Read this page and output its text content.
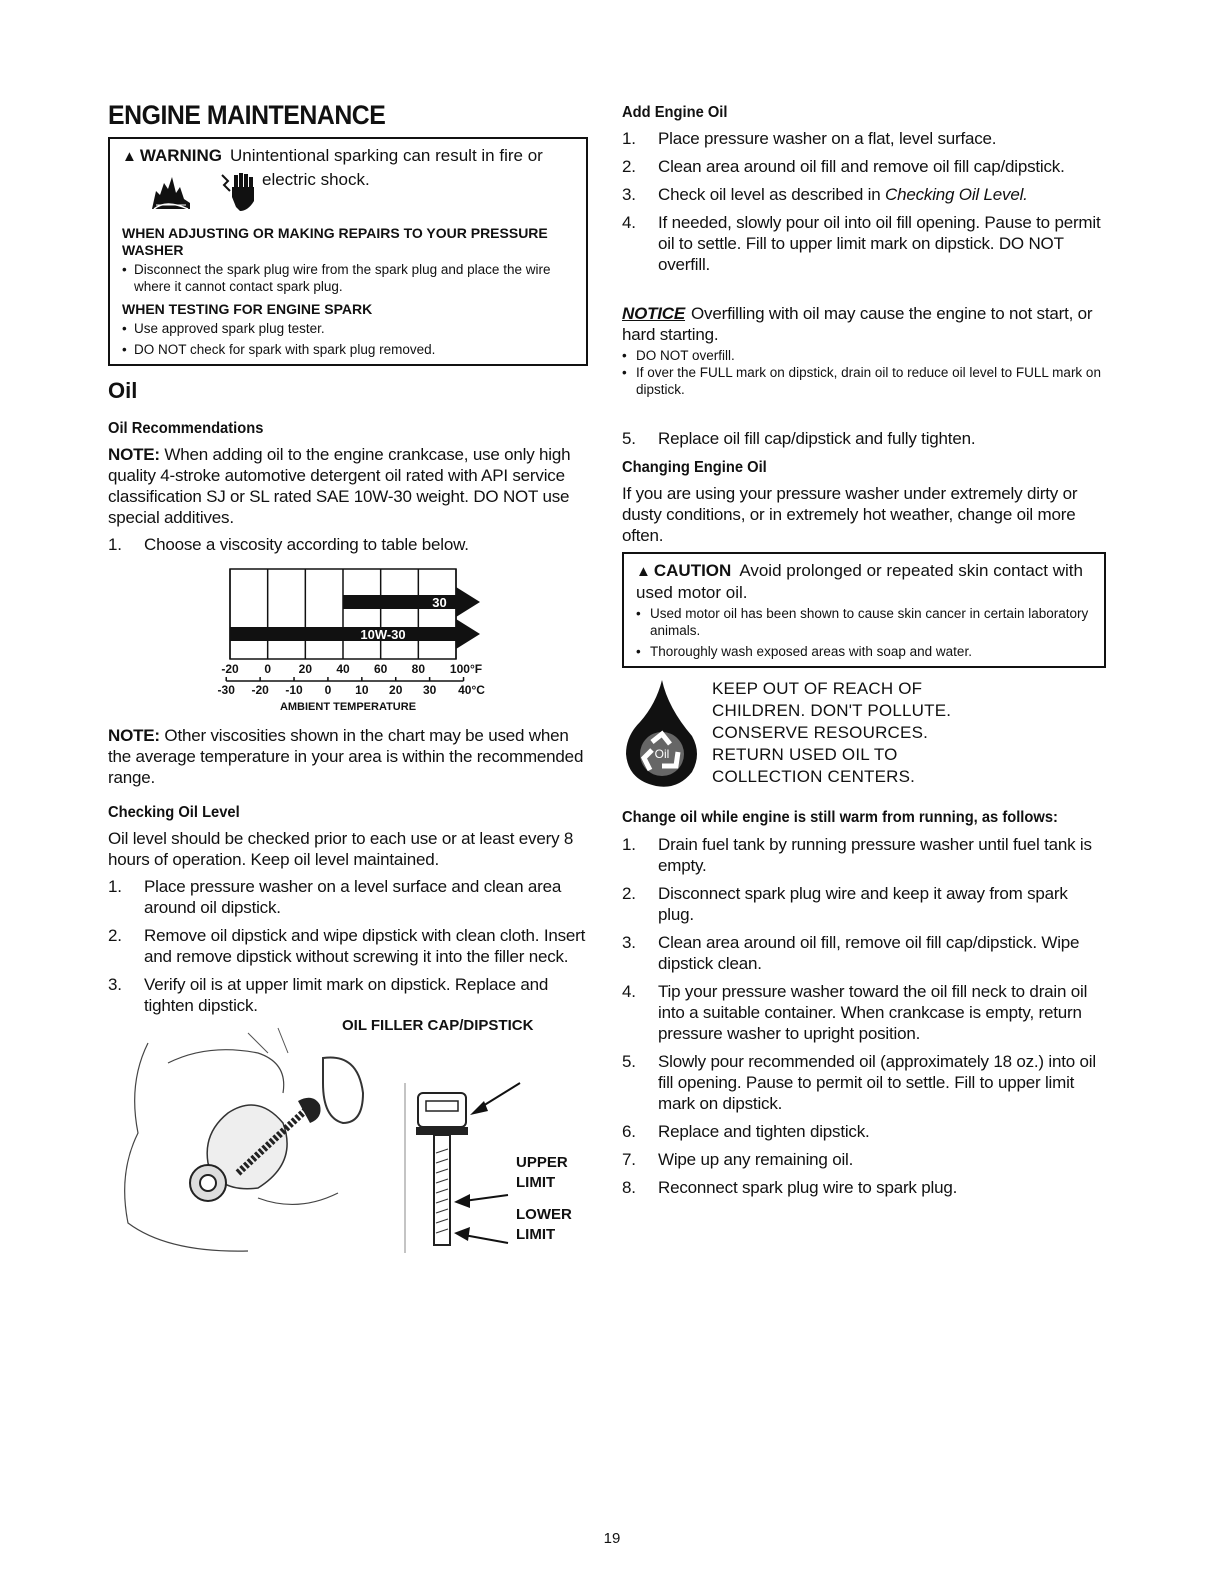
ENGINE MAINTENANCE
▲ WARNING Unintentional sparking can result in fire or
electric shock.
WHEN ADJUSTING OR MAKING REPAIRS TO YOUR PRESSURE WASHER
• Disconnect the spark plug wire from the spark plug and place the wire where it cannot contact spark plug.
WHEN TESTING FOR ENGINE SPARK
• Use approved spark plug tester.
• DO NOT check for spark with spark plug removed.
Oil
Oil Recommendations

NOTE: When adding oil to the engine crankcase, use only high quality 4-stroke automotive detergent oil rated with API service classification SJ or SL rated SAE 10W-30 weight. DO NOT use special additives.

1. Choose a viscosity according to table below.
30
10W-30
-20 0 20 40 60 80 100°F
-30 -20 -10 0 10 20 30 40°C
AMBIENT TEMPERATURE

NOTE: Other viscosities shown in the chart may be used when the average temperature in your area is within the recommended range.

Checking Oil Level

Oil level should be checked prior to each use or at least every 8 hours of operation. Keep oil level maintained.

1. Place pressure washer on a level surface and clean area around oil dipstick.
2. Remove oil dipstick and wipe dipstick with clean cloth. Insert and remove dipstick without screwing it into the filler neck.
3. Verify oil is at upper limit mark on dipstick. Replace and tighten dipstick.
OIL FILLER CAP/DIPSTICK
UPPER
LIMIT
LOWER
LIMIT
Add Engine Oil
1. Place pressure washer on a flat, level surface.
2. Clean area around oil fill and remove oil fill cap/dipstick.
3. Check oil level as described in Checking Oil Level.
4. If needed, slowly pour oil into oil fill opening. Pause to permit oil to settle. Fill to upper limit mark on dipstick. DO NOT overfill.

NOTICE Overfilling with oil may cause the engine to not start, or hard starting.

• DO NOT overfill.
• If over the FULL mark on dipstick, drain oil to reduce oil level to FULL mark on dipstick.
5. Replace oil fill cap/dipstick and fully tighten.
Changing Engine Oil

If you are using your pressure washer under extremely dirty or dusty conditions, or in extremely hot weather, change oil more often.

▲ CAUTION Avoid prolonged or repeated skin contact with used motor oil.
• Used motor oil has been shown to cause skin cancer in certain laboratory animals.
• Thoroughly wash exposed areas with soap and water.
Oil
KEEP OUT OF REACH OF CHILDREN. DON'T POLLUTE. CONSERVE RESOURCES. RETURN USED OIL TO COLLECTION CENTERS.
Change oil while engine is still warm from running, as follows:
1. Drain fuel tank by running pressure washer until fuel tank is empty.
2. Disconnect spark plug wire and keep it away from spark plug.
3. Clean area around oil fill, remove oil fill cap/dipstick. Wipe dipstick clean.
4. Tip your pressure washer toward the oil fill neck to drain oil into a suitable container. When crankcase is empty, return pressure washer to upright position.
5. Slowly pour recommended oil (approximately 18 oz.) into oil fill opening. Pause to permit oil to settle. Fill to upper limit mark on dipstick.
6. Replace and tighten dipstick.
7. Wipe up any remaining oil.
8. Reconnect spark plug wire to spark plug.
19
